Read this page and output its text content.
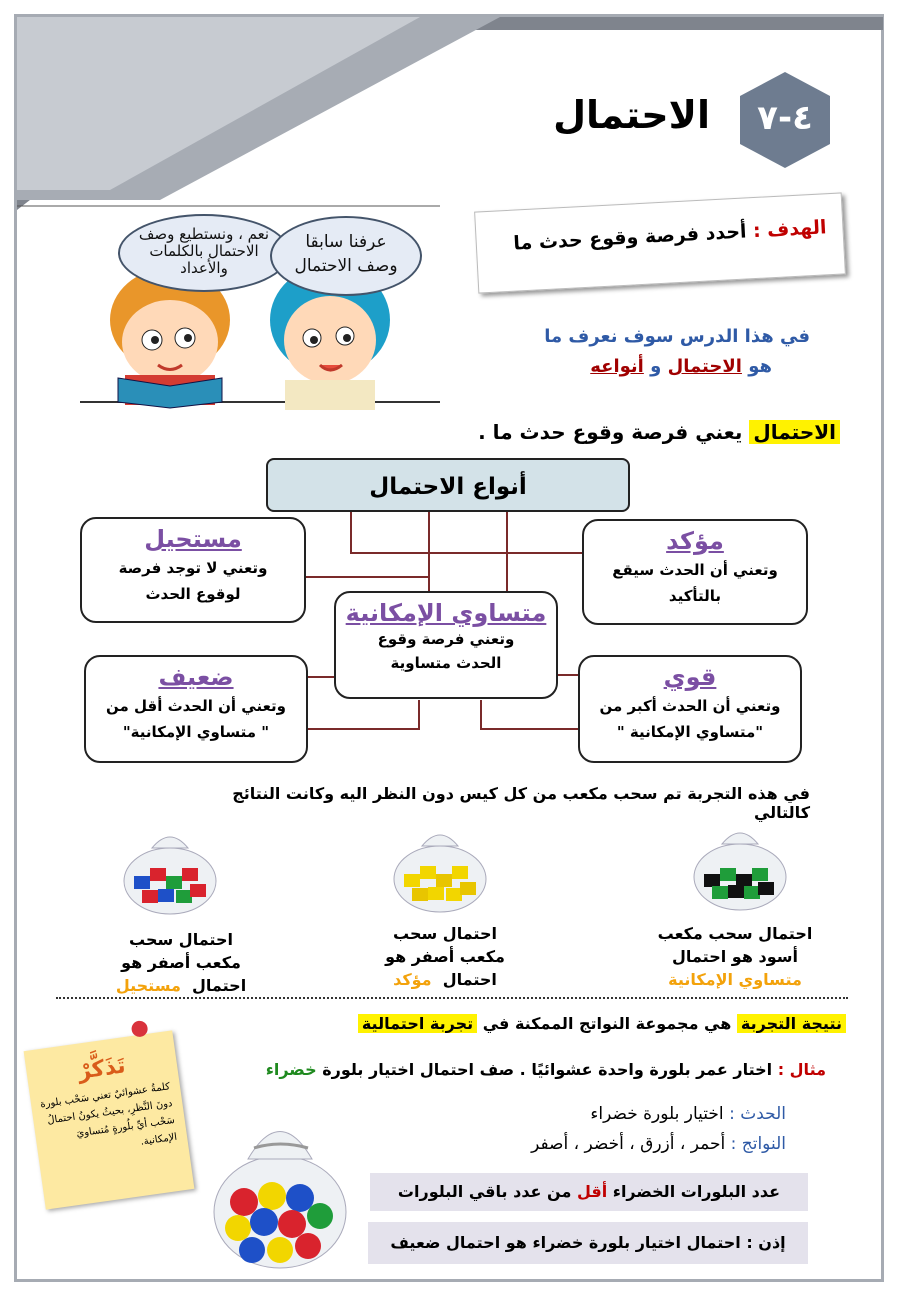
٤-٧
الاحتمال
الهدف : أحدد فرصة وقوع حدث ما
نعم ، ونستطيع وصف الاحتمال بالكلمات والأعداد
عرفنا سابقا وصف الاحتمال
في هذا الدرس سوف نعرف ما
هو الاحتمال و أنواعه
الاحتمال يعني فرصة وقوع حدث ما .
أنواع الاحتمال
مؤكد
وتعني أن الحدث سيقع بالتأكيد
مستحيل
وتعني لا توجد فرصة لوقوع الحدث
متساوي الإمكانية
وتعني فرصة وقوع الحدث متساوية	قوي
وتعني أن الحدث أكبر من "متساوي الإمكانية "
ضعيف
وتعني أن الحدث أقل من " متساوي الإمكانية"
في هذه التجربة تم سحب مكعب من كل كيس دون النظر اليه وكانت النتائج كالتالي
احتمال سحب مكعب
أسود هو احتمال
متساوي الإمكانية
احتمال سحب
مكعب أصفر هو
احتمال  مؤكد
احتمال سحب
مكعب أصفر هو
احتمال  مستحيل
نتيجة التجربة هي مجموعة النواتج الممكنة في تجربة احتمالية
مثال : اختار عمر بلورة واحدة عشوائيًا . صف احتمال اختيار بلورة خضراء
الحدث : اختيار بلورة خضراء
النواتج : أحمر ، أزرق ، أخضر ، أصفر
عدد البلورات الخضراء أقل من عدد باقي البلورات
إذن : احتمال اختيار بلورة خضراء هو احتمال ضعيف
تَذَكَّرْ
كلمةُ عشوائيٌ تعني سَحْب بلورة دونَ النَّظرِ، بحيثُ يكونُ احتمالُ سَحْب أيِّ بلُورةٍ مُتساويَ الإمكانية.
